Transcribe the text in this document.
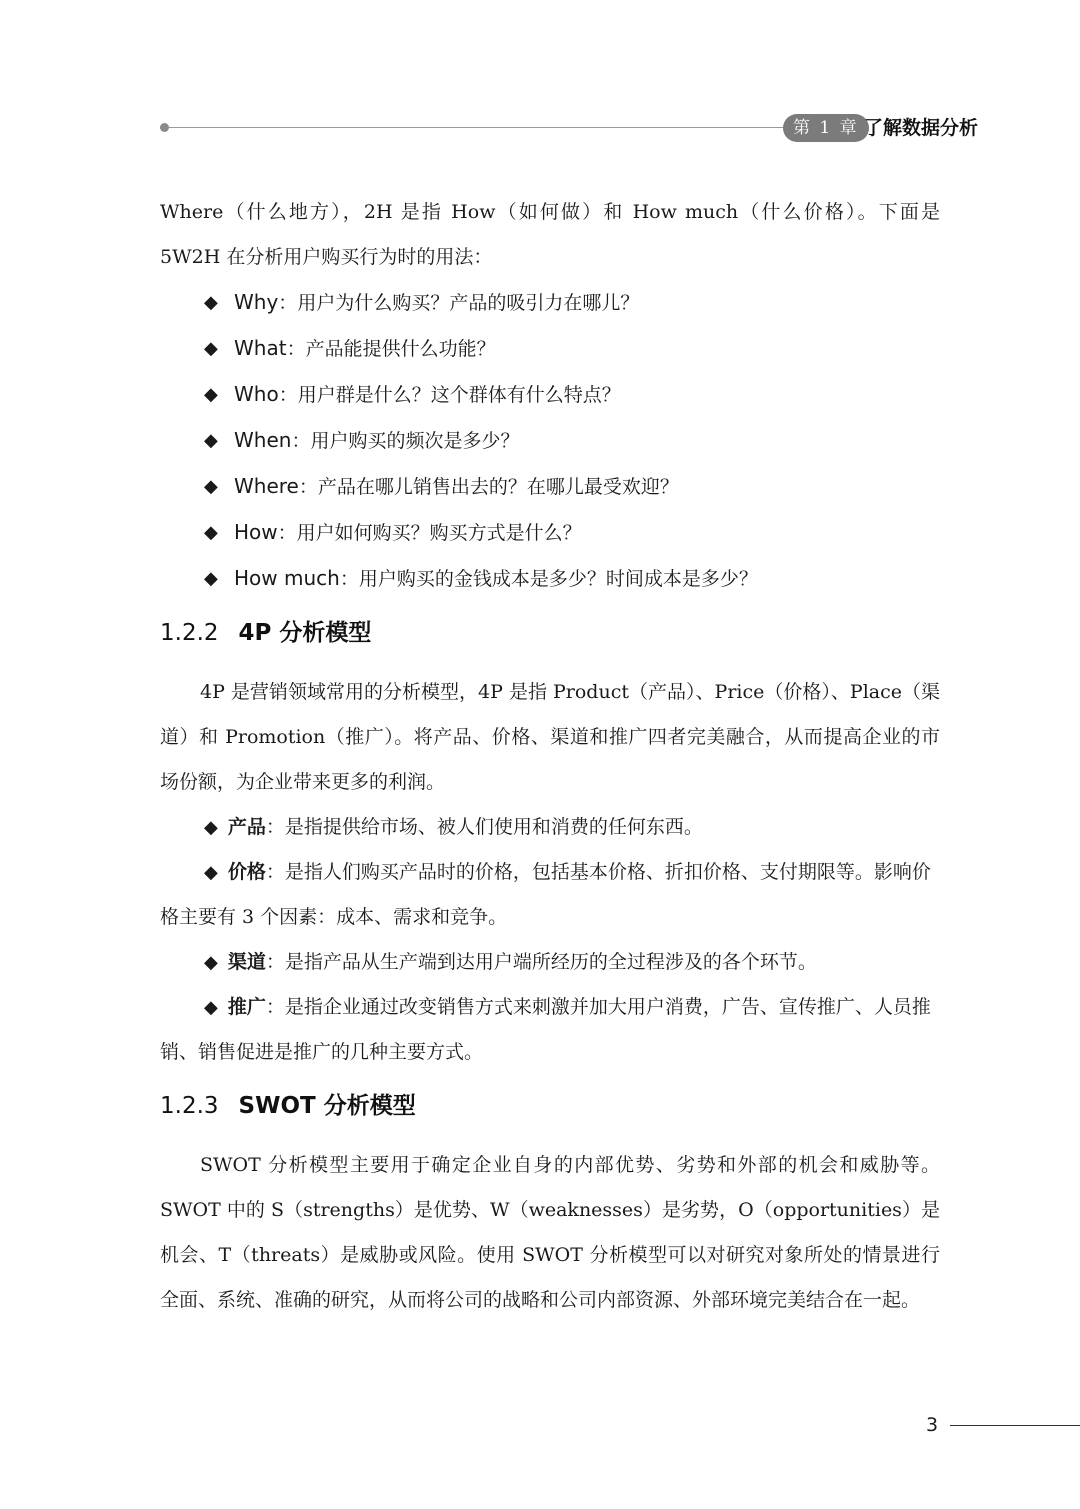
第 1 章 了解数据分析

Where（什么地方），2H 是指 How（如何做）和 How much（什么价格）。下面是 5W2H 在分析用户购买行为时的用法：

◆ Why：用户为什么购买？产品的吸引力在哪儿？
◆ What：产品能提供什么功能？
◆ Who：用户群是什么？这个群体有什么特点？
◆ When：用户购买的频次是多少？
◆ Where：产品在哪儿销售出去的？在哪儿最受欢迎？
◆ How：用户如何购买？购买方式是什么？
◆ How much：用户购买的金钱成本是多少？时间成本是多少？
1.2.2 4P 分析模型

4P 是营销领域常用的分析模型，4P 是指 Product（产品）、Price（价格）、Place（渠道）和 Promotion（推广）。将产品、价格、渠道和推广四者完美融合，从而提高企业的市场份额，为企业带来更多的利润。

◆ 产品：是指提供给市场、被人们使用和消费的任何东西。
◆ 价格：是指人们购买产品时的价格，包括基本价格、折扣价格、支付期限等。影响价格主要有 3 个因素：成本、需求和竞争。
◆ 渠道：是指产品从生产端到达用户端所经历的全过程涉及的各个环节。
◆ 推广：是指企业通过改变销售方式来刺激并加大用户消费，广告、宣传推广、人员推销、销售促进是推广的几种主要方式。
1.2.3 SWOT 分析模型

SWOT 分析模型主要用于确定企业自身的内部优势、劣势和外部的机会和威胁等。SWOT 中的 S（strengths）是优势、W（weaknesses）是劣势，O（opportunities）是机会、T（threats）是威胁或风险。使用 SWOT 分析模型可以对研究对象所处的情景进行全面、系统、准确的研究，从而将公司的战略和公司内部资源、外部环境完美结合在一起。

3
